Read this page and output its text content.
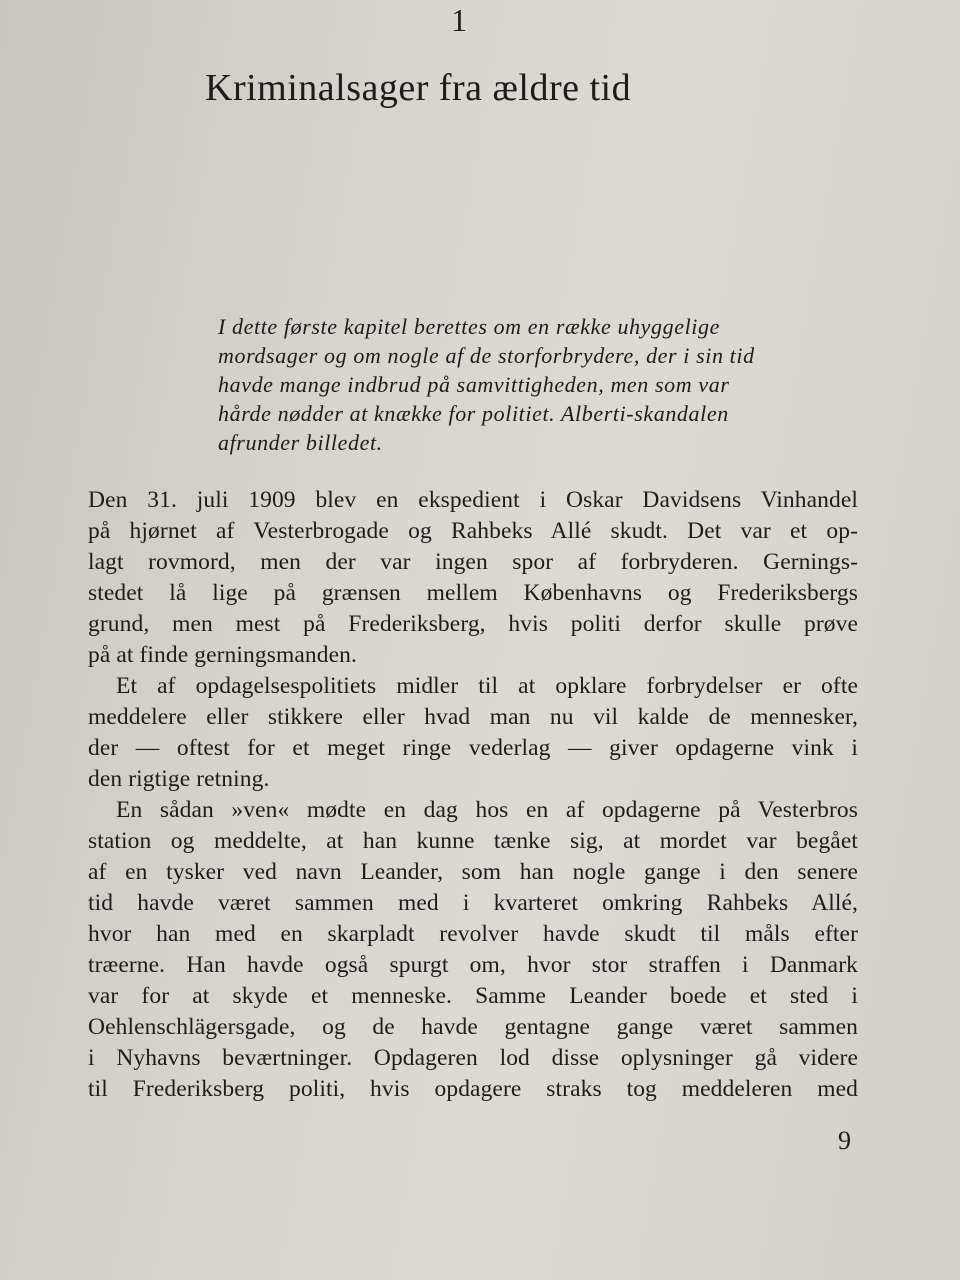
1
Kriminalsager fra ældre tid
I dette første kapitel berettes om en række uhyggelige
mordsager og om nogle af de storforbrydere, der i sin tid
havde mange indbrud på samvittigheden, men som var
hårde nødder at knække for politiet. Alberti-skandalen
afrunder billedet.
Den 31. juli 1909 blev en ekspedient i Oskar Davidsens Vinhandel
på hjørnet af Vesterbrogade og Rahbeks Allé skudt. Det var et op-
lagt rovmord, men der var ingen spor af forbryderen. Gernings-
stedet lå lige på grænsen mellem Københavns og Frederiksbergs
grund, men mest på Frederiksberg, hvis politi derfor skulle prøve
på at finde gerningsmanden.
Et af opdagelsespolitiets midler til at opklare forbrydelser er ofte
meddelere eller stikkere eller hvad man nu vil kalde de mennesker,
der — oftest for et meget ringe vederlag — giver opdagerne vink i
den rigtige retning.
En sådan »ven« mødte en dag hos en af opdagerne på Vesterbros
station og meddelte, at han kunne tænke sig, at mordet var begået
af en tysker ved navn Leander, som han nogle gange i den senere
tid havde været sammen med i kvarteret omkring Rahbeks Allé,
hvor han med en skarpladt revolver havde skudt til måls efter
træerne. Han havde også spurgt om, hvor stor straffen i Danmark
var for at skyde et menneske. Samme Leander boede et sted i
Oehlenschlägersgade, og de havde gentagne gange været sammen
i Nyhavns beværtninger. Opdageren lod disse oplysninger gå videre
til Frederiksberg politi, hvis opdagere straks tog meddeleren med
9
